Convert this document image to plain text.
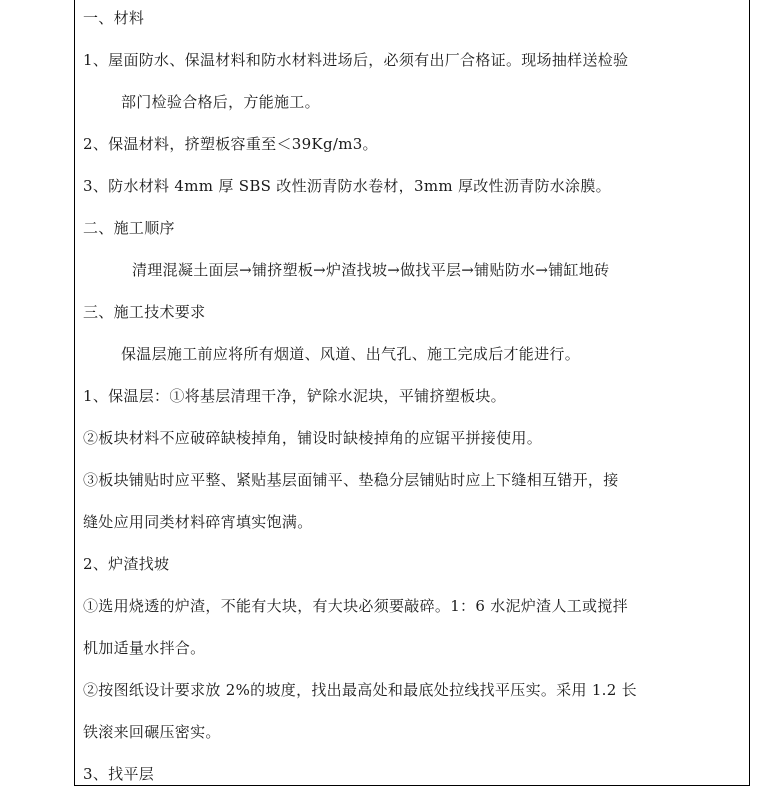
一、材料
1、屋面防水、保温材料和防水材料进场后，必须有出厂合格证。现场抽样送检验
部门检验合格后，方能施工。
2、保温材料，挤塑板容重至＜39Kg/m3。
3、防水材料 4mm 厚 SBS 改性沥青防水卷材，3mm 厚改性沥青防水涂膜。
二、施工顺序
清理混凝土面层→铺挤塑板→炉渣找坡→做找平层→铺贴防水→铺缸地砖
三、施工技术要求
保温层施工前应将所有烟道、风道、出气孔、施工完成后才能进行。
1、保温层：①将基层清理干净，铲除水泥块，平铺挤塑板块。
②板块材料不应破碎缺棱掉角，铺设时缺棱掉角的应锯平拼接使用。
③板块铺贴时应平整、紧贴基层面铺平、垫稳分层铺贴时应上下缝相互错开，接
缝处应用同类材料碎宵填实饱满。
2、炉渣找坡
①选用烧透的炉渣，不能有大块，有大块必须要敲碎。1：6 水泥炉渣人工或搅拌
机加适量水拌合。
②按图纸设计要求放 2%的坡度，找出最高处和最底处拉线找平压实。采用 1.2 长
铁滚来回碾压密实。
3、找平层
